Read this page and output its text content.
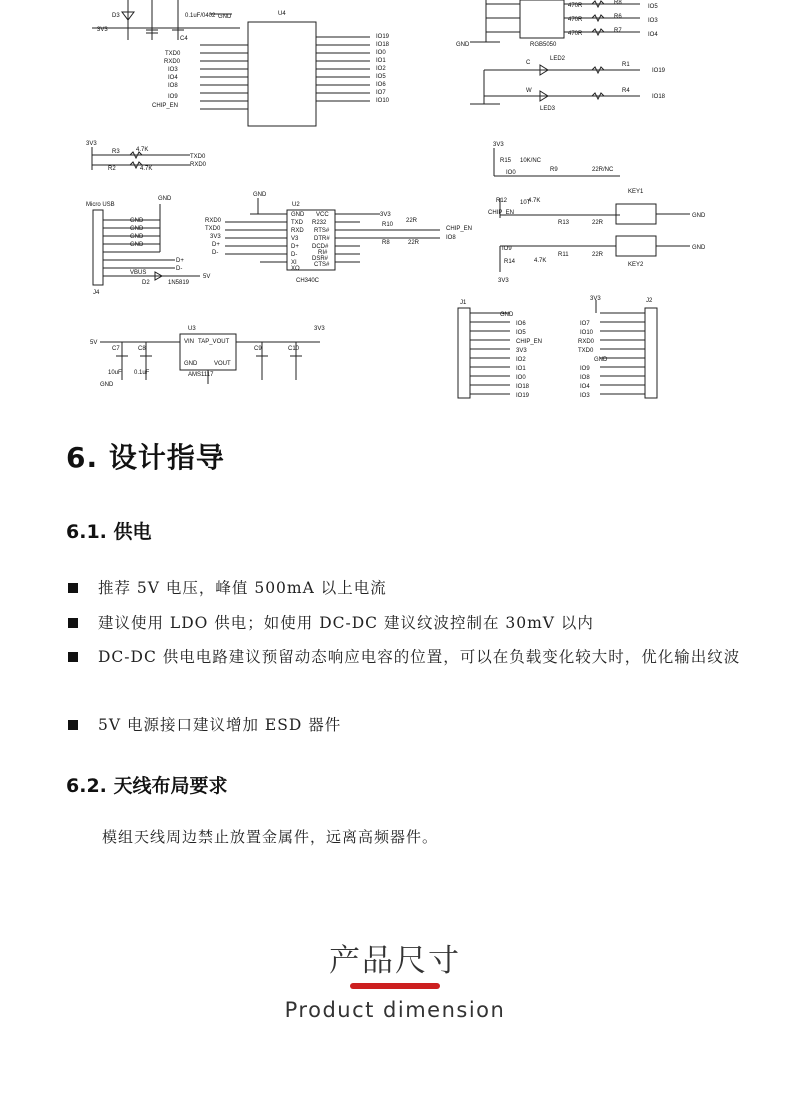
D3
3V3
C4
0.1uF/0402 GND	U4
TXD0
RXD0
IO3
IO4
IO8
IO9
CHIP_EN
IO19
IO18
IO0
IO1
IO2
IO5
IO6
IO7
IO10
470R
470R
470R
R8
R6
R7
IO5
IO3
IO4
RGB5050
GND
C
LED2
R1
IO19
W
LED3
R4
IO18
3V3
R3	4.7K
R2	4.7K
TXD0
RXD0
3V3
R15 10K/NC
IO0	R9	22R/NC
R12 10T
CHIP_EN
R13
4.7K
22R
KEY1
GND
IO9
R14
R11	22R
KEY2
3V3
4.7K
GND
Micro USB
GND
GND
GND
GND
GND
VBUS
D+
D-
J4
D2	1N5819
5V
GND
RXD0
TXD0
3V3
D+
D-
U2
GND
TXD
RXD
V3
D+
D-
XI
XO
VCC
R232
RTS#
DTR#
DCD#
RI#
DSR#
CTS#
CH340C
3V3
R10
22R
CHIP_EN
R8	22R
IO8
5V
U3
VIN TAP_VOUT
GND	VOUT
AMS1117
3V3
C7	C8	C9	C10
10uF 0.1uF
GND
J1
GND
IO6
IO5
CHIP_EN
3V3
IO2
IO1
IO0
IO18
IO19
3V3
IO7
IO10
RXD0
TXD0
GND
IO9
IO8
IO4
IO3
J2
6. 设计指导
6.1. 供电
推荐 5V 电压，峰值 500mA 以上电流
建议使用 LDO 供电；如使用 DC-DC 建议纹波控制在 30mV 以内
DC-DC 供电电路建议预留动态响应电容的位置，可以在负载变化较大时，优化输出纹波
5V 电源接口建议增加 ESD 器件
6.2. 天线布局要求
模组天线周边禁止放置金属件，远离高频器件。
产品尺寸
Product dimension
